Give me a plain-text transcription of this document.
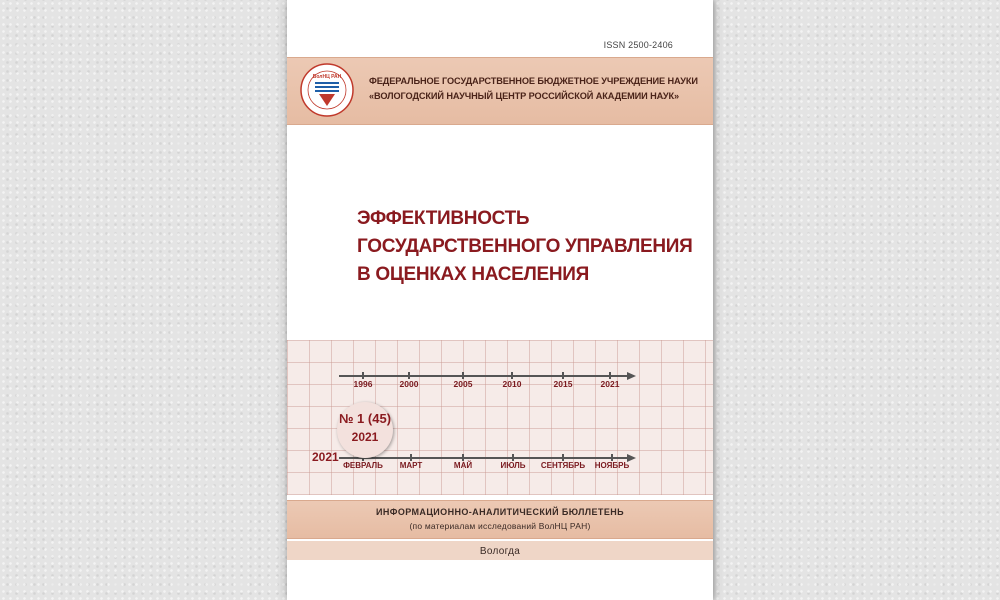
ISSN 2500-2406
ВолНЦ РАН	ФЕДЕРАЛЬНОЕ ГОСУДАРСТВЕННОЕ БЮДЖЕТНОЕ УЧРЕЖДЕНИЕ НАУКИ
«ВОЛОГОДСКИЙ НАУЧНЫЙ ЦЕНТР РОССИЙСКОЙ АКАДЕМИИ НАУК»
ЭФФЕКТИВНОСТЬ
ГОСУДАРСТВЕННОГО УПРАВЛЕНИЯ
В ОЦЕНКАХ НАСЕЛЕНИЯ
1996	2000	2005	2010	2015	2021
ФЕВРАЛЬ МАРТ	МАЙ	ИЮЛЬ СЕНТЯБРЬ НОЯБРЬ
2021
№ 1 (45)
2021
ИНФОРМАЦИОННО-АНАЛИТИЧЕСКИЙ БЮЛЛЕТЕНЬ
(по материалам исследований ВолНЦ РАН)
Вологда
